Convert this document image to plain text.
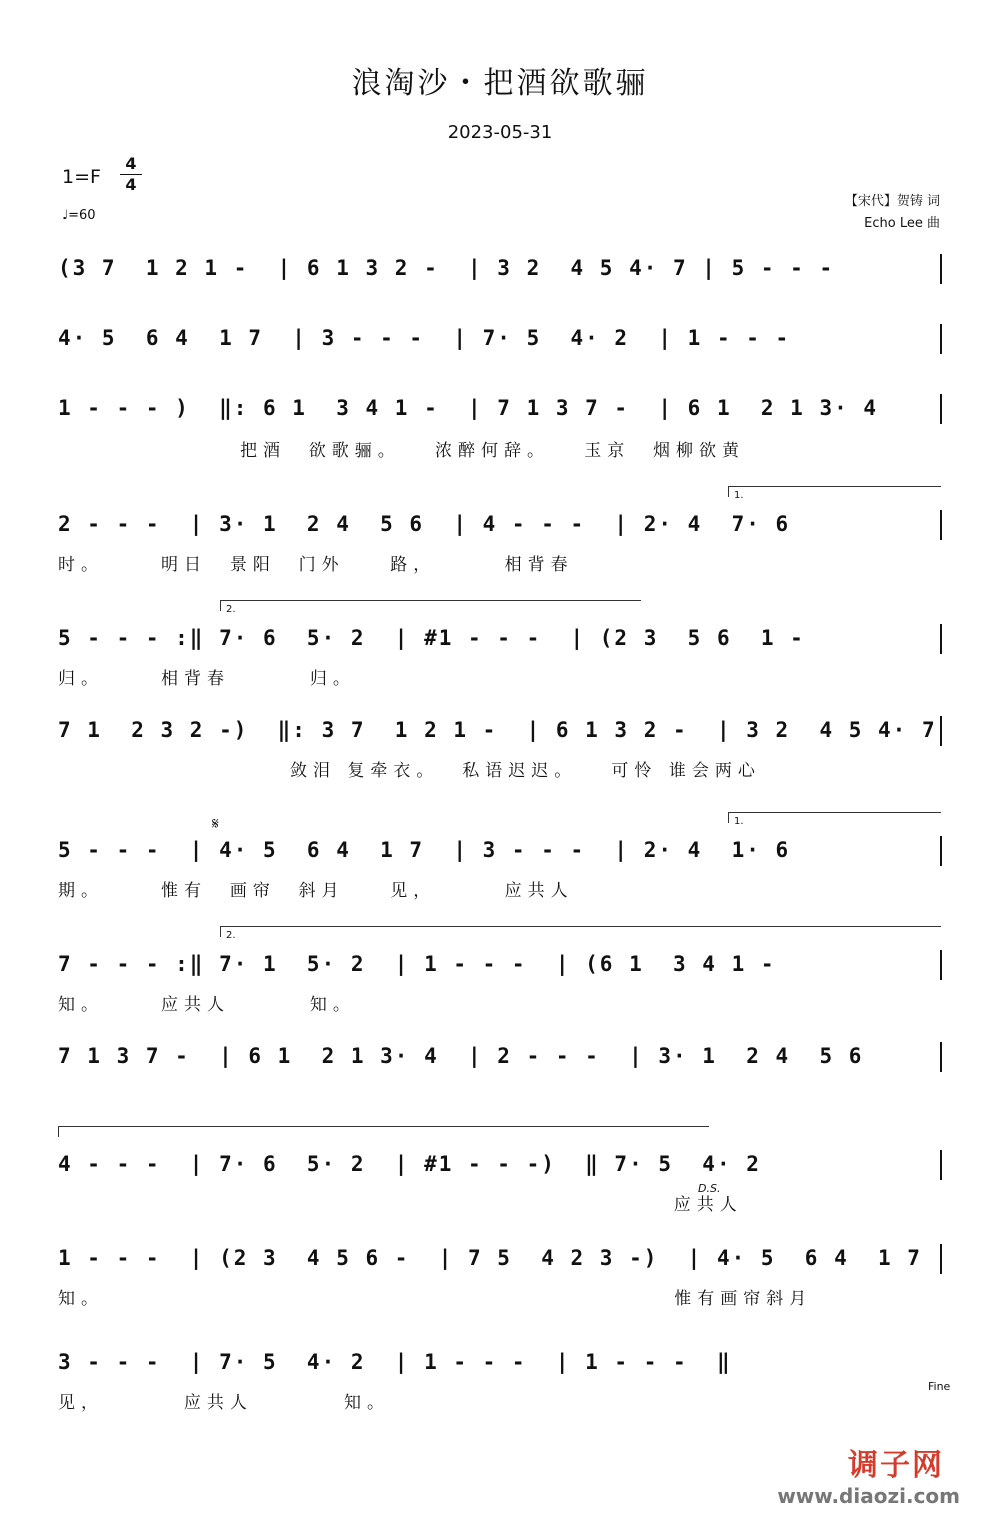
浪淘沙・把酒欲歌骊
2023-05-31
1=F
4
4
♩=60
【宋代】贺铸 词
Echo Lee 曲
(3 7  1 2 1 -  | 6 1 3 2 -  | 3 2  4 5 4· 7 | 5 - - -
4· 5  6 4  1 7  | 3 - - -  | 7· 5  4· 2  | 1 - - -
1 - - - )  ‖: 6 1  3 4 1 -  | 7 1 3 7 -  | 6 1  2 1 3· 4
把酒  欲歌骊。   浓醉何辞。   玉京  烟柳欲黄
1.
2 - - -  | 3· 1  2 4  5 6  | 4 - - -  | 2· 4  7· 6
时。     明日  景阳  门外    路，      相背春
2.
5 - - - :‖ 7· 6  5· 2  | #1 - - -  | (2 3  5 6  1 -
归。     相背春       归。
7 1  2 3 2 -)  ‖: 3 7  1 2 1 -  | 6 1 3 2 -  | 3 2  4 5 4· 7
敛泪 复牵衣。  私语迟迟。   可怜 谁会两心
𝄋	1.
5 - - -  | 4· 5  6 4  1 7  | 3 - - -  | 2· 4  1· 6
期。     惟有  画帘  斜月    见，      应共人
2.
7 - - - :‖ 7· 1  5· 2  | 1 - - -  | (6 1  3 4 1 -
知。     应共人       知。
7 1 3 7 -  | 6 1  2 1 3· 4  | 2 - - -  | 3· 1  2 4  5 6
D.S.
4 - - -  | 7· 6  5· 2  | #1 - - -)  ‖ 7· 5  4· 2
应共人
1 - - -  | (2 3  4 5 6 -  | 7 5  4 2 3 -)  | 4· 5  6 4  1 7
知。                                                  惟有画帘斜月
3 - - -  | 7· 5  4· 2  | 1 - - -  | 1 - - -  ‖
见，       应共人        知。
Fine
调子网
www.diaozi.com
